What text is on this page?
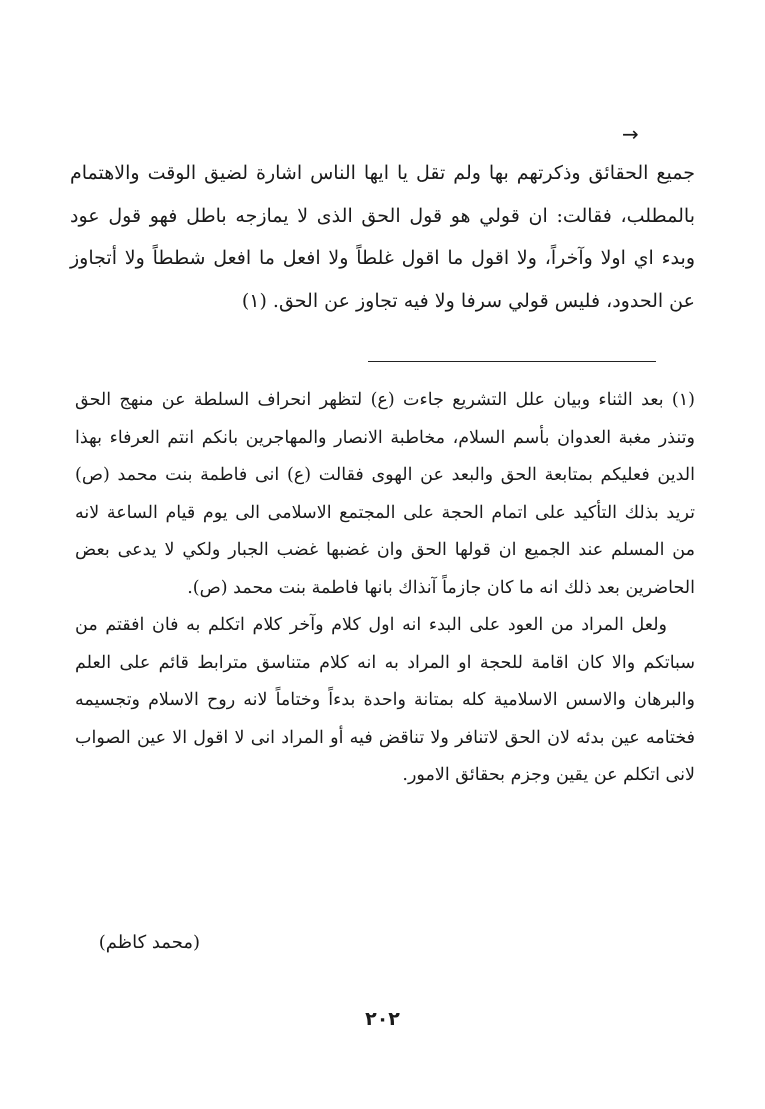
→

جميع الحقائق وذكرتهم بها ولم تقل يا ايها الناس اشارة لضيق الوقت والاهتمام بالمطلب، فقالت: ان قولي هو قول الحق الذى لا يمازجه باطل فهو قول عود وبدء اي اولا وآخراً، ولا اقول ما اقول غلطاً ولا افعل ما افعل شططاً ولا أتجاوز عن الحدود، فليس قولي سرفا ولا فيه تجاوز عن الحق. (١)

(١) بعد الثناء وبيان علل التشريع جاءت (ع) لتظهر انحراف السلطة عن منهج الحق وتنذر مغبة العدوان بأسم السلام، مخاطبة الانصار والمهاجرين بانكم انتم العرفاء بهذا الدين فعليكم بمتابعة الحق والبعد عن الهوى فقالت (ع) انى فاطمة بنت محمد (ص) تريد بذلك التأكيد على اتمام الحجة على المجتمع الاسلامى الى يوم قيام الساعة لانه من المسلم عند الجميع ان قولها الحق وان غضبها غضب الجبار ولكي لا يدعى بعض الحاضرين بعد ذلك انه ما كان جازماً آنذاك بانها فاطمة بنت محمد (ص).

ولعل المراد من العود على البدء انه اول كلام وآخر كلام اتكلم به فان افقتم من سباتكم والا كان اقامة للحجة او المراد به انه كلام متناسق مترابط قائم على العلم والبرهان والاسس الاسلامية كله بمتانة واحدة بدءاً وختاماً لانه روح الاسلام وتجسيمه فختامه عين بدئه لان الحق لاتنافر ولا تناقض فيه أو المراد انى لا اقول الا عين الصواب لانى اتكلم عن يقين وجزم بحقائق الامور.

(محمد كاظم)
٢٠٢
